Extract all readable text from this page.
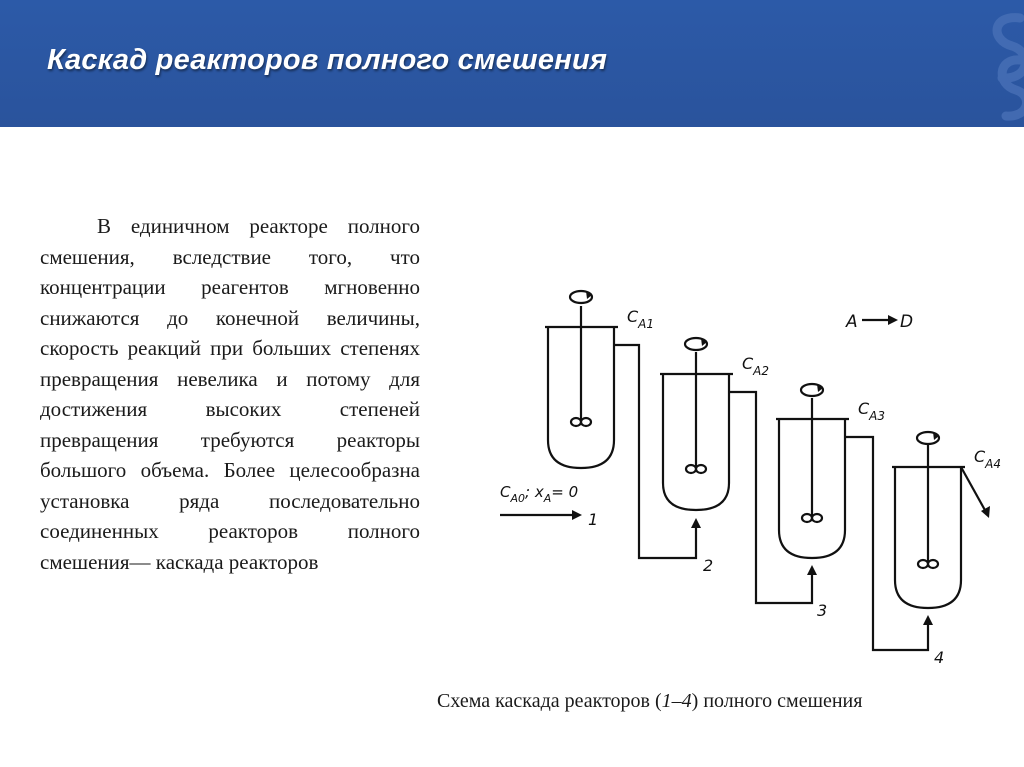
Каскад реакторов полного смешения

В единичном реакторе полного смешения, вследствие того, что концентрации реагентов мгновенно снижаются до конечной величины, скорость реакций при больших степенях превращения невелика и потому для достижения высоких степеней превращения требуются реакторы большого объема. Более целесообразна установка ряда последовательно соединенных реакторов полного смешения— каскада реакторов

A D
$C_{A1}$
$C_{A2}$
$C_{A3}$
$C_{A4}$
$C_{A0}$; $x_A= 0$
1
2
3
4
Схема каскада реакторов (1–4) полного смешения
